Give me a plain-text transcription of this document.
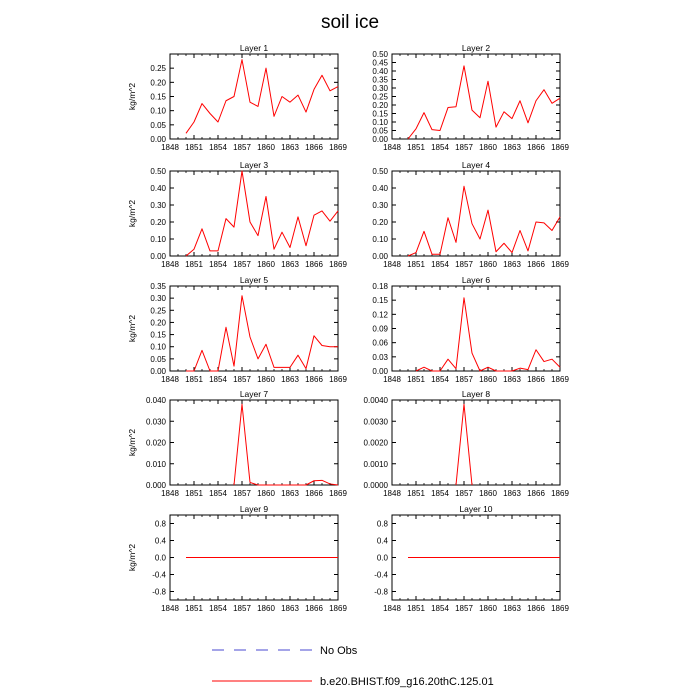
soil ice
Layer 1
kg/m^2
1848 1851 1854 1857 1860 1863 1866 1869
0.00
0.05
0.10
0.15
0.20
0.25
Layer 2
1848 1851 1854 1857 1860 1863 1866 1869
0.00
0.05
0.10
0.15
0.20
0.25
0.30
0.35
0.40
0.45
0.50
Layer 3
kg/m^2
1848 1851 1854 1857 1860 1863 1866 1869
0.00
0.10
0.20
0.30
0.40
0.50
Layer 4
1848 1851 1854 1857 1860 1863 1866 1869
0.00
0.10
0.20
0.30
0.40
0.50
Layer 5
kg/m^2
1848 1851 1854 1857 1860 1863 1866 1869
0.00
0.05
0.10
0.15
0.20
0.25
0.30
0.35
Layer 6
1848 1851 1854 1857 1860 1863 1866 1869
0.00
0.03
0.06
0.09
0.12
0.15
0.18
Layer 7
kg/m^2
1848 1851 1854 1857 1860 1863 1866 1869
0.000
0.010
0.020
0.030
0.040
Layer 8
1848 1851 1854 1857 1860 1863 1866 1869
0.0000
0.0010
0.0020
0.0030
0.0040
Layer 9
kg/m^2
1848 1851 1854 1857 1860 1863 1866 1869
-0.8
-0.4
0.0
0.4
0.8
Layer 10
1848 1851 1854 1857 1860 1863 1866 1869
-0.8
-0.4
0.0
0.4
0.8
No Obs
b.e20.BHIST.f09_g16.20thC.125.01
